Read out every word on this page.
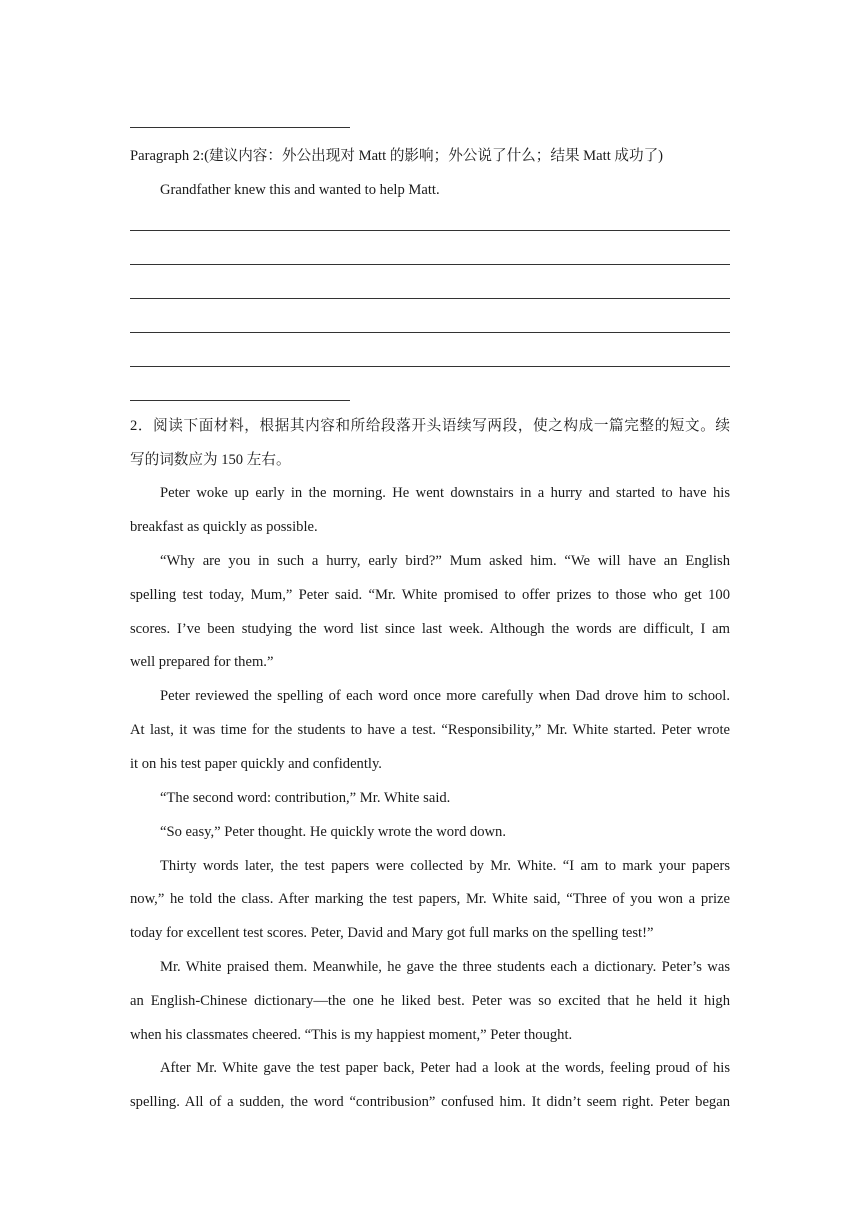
Paragraph 2:(建议内容：外公出现对 Matt 的影响；外公说了什么；结果 Matt 成功了)
Grandfather knew this and wanted to help Matt.
2．阅读下面材料，根据其内容和所给段落开头语续写两段，使之构成一篇完整的短文。续
写的词数应为 150 左右。
Peter woke up early in the morning. He went downstairs in a hurry and started to have his
breakfast as quickly as possible.
“Why are you in such a hurry, early bird?” Mum asked him. “We will have an English
spelling test today, Mum,” Peter said. “Mr. White promised to offer prizes to those who get 100
scores. I’ve been studying the word list since last week. Although the words are difficult, I am
well prepared for them.”
Peter reviewed the spelling of each word once more carefully when Dad drove him to school.
At last, it was time for the students to have a test. “Responsibility,” Mr. White started. Peter wrote
it on his test paper quickly and confidently.
“The second word: contribution,” Mr. White said.
“So easy,” Peter thought. He quickly wrote the word down.
Thirty words later, the test papers were collected by Mr. White. “I am to mark your papers
now,” he told the class. After marking the test papers, Mr. White said, “Three of you won a prize
today for excellent test scores. Peter, David and Mary got full marks on the spelling test!”
Mr. White praised them. Meanwhile, he gave the three students each a dictionary. Peter’s was
an English-Chinese dictionary—the one he liked best. Peter was so excited that he held it high
when his classmates cheered. “This is my happiest moment,” Peter thought.
After Mr. White gave the test paper back, Peter had a look at the words, feeling proud of his
spelling. All of a sudden, the word “contribusion” confused him. It didn’t seem right. Peter began
